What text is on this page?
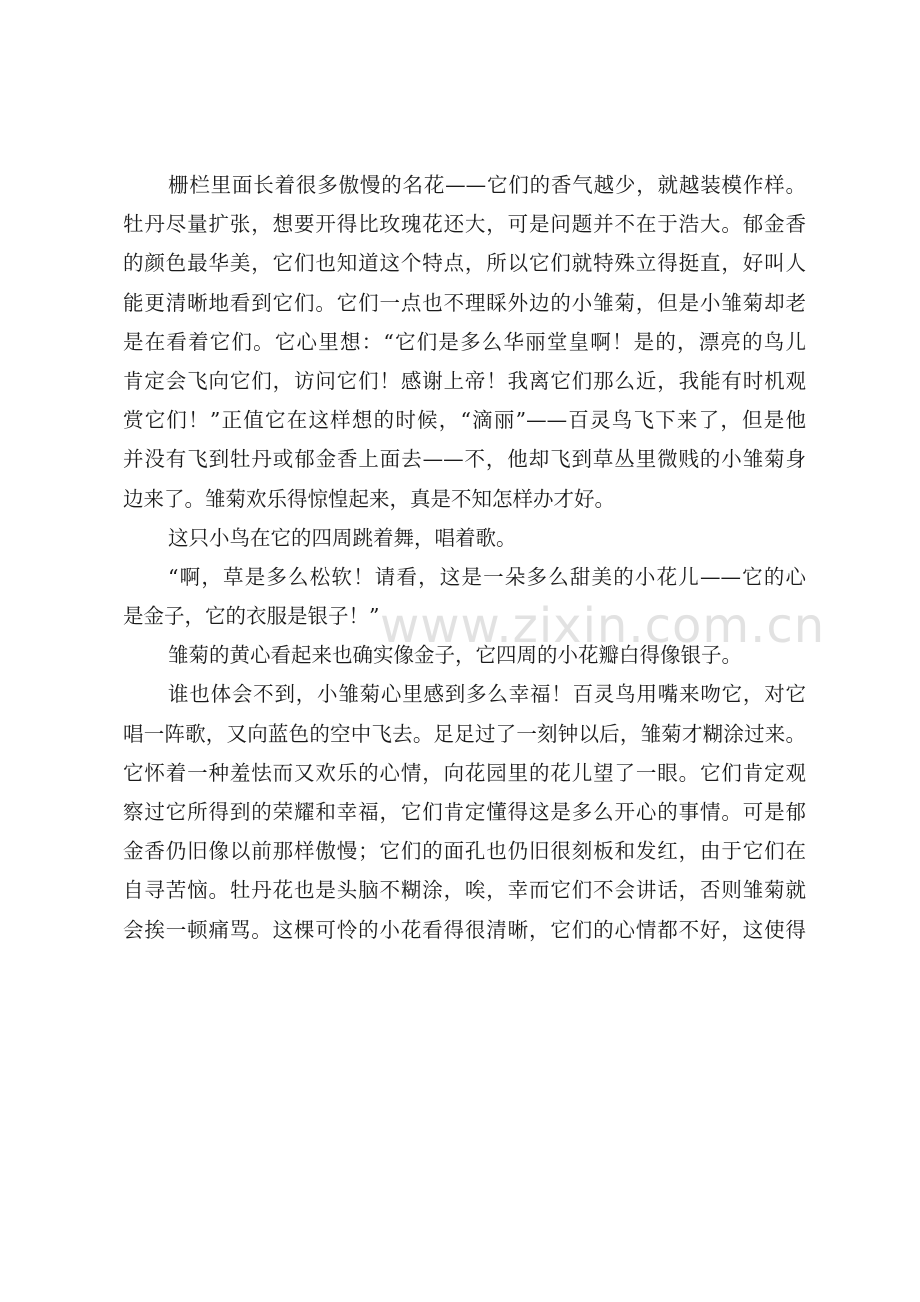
www.zixin.com.cn
栅栏里面长着很多傲慢的名花——它们的香气越少，就越装模作样。
牡丹尽量扩张，想要开得比玫瑰花还大，可是问题并不在于浩大。郁金香
的颜色最华美，它们也知道这个特点，所以它们就特殊立得挺直，好叫人
能更清晰地看到它们。它们一点也不理睬外边的小雏菊，但是小雏菊却老
是在看着它们。它心里想：“它们是多么华丽堂皇啊！是的，漂亮的鸟儿
肯定会飞向它们，访问它们！感谢上帝！我离它们那么近，我能有时机观
赏它们！”正值它在这样想的时候，“滴丽”——百灵鸟飞下来了，但是他
并没有飞到牡丹或郁金香上面去——不，他却飞到草丛里微贱的小雏菊身
边来了。雏菊欢乐得惊惶起来，真是不知怎样办才好。
这只小鸟在它的四周跳着舞，唱着歌。
“啊，草是多么松软！请看，这是一朵多么甜美的小花儿——它的心
是金子，它的衣服是银子！”
雏菊的黄心看起来也确实像金子，它四周的小花瓣白得像银子。
谁也体会不到，小雏菊心里感到多么幸福！百灵鸟用嘴来吻它，对它
唱一阵歌，又向蓝色的空中飞去。足足过了一刻钟以后，雏菊才糊涂过来。
它怀着一种羞怯而又欢乐的心情，向花园里的花儿望了一眼。它们肯定观
察过它所得到的荣耀和幸福，它们肯定懂得这是多么开心的事情。可是郁
金香仍旧像以前那样傲慢；它们的面孔也仍旧很刻板和发红，由于它们在
自寻苦恼。牡丹花也是头脑不糊涂，唉，幸而它们不会讲话，否则雏菊就
会挨一顿痛骂。这棵可怜的小花看得很清晰，它们的心情都不好，这使得
